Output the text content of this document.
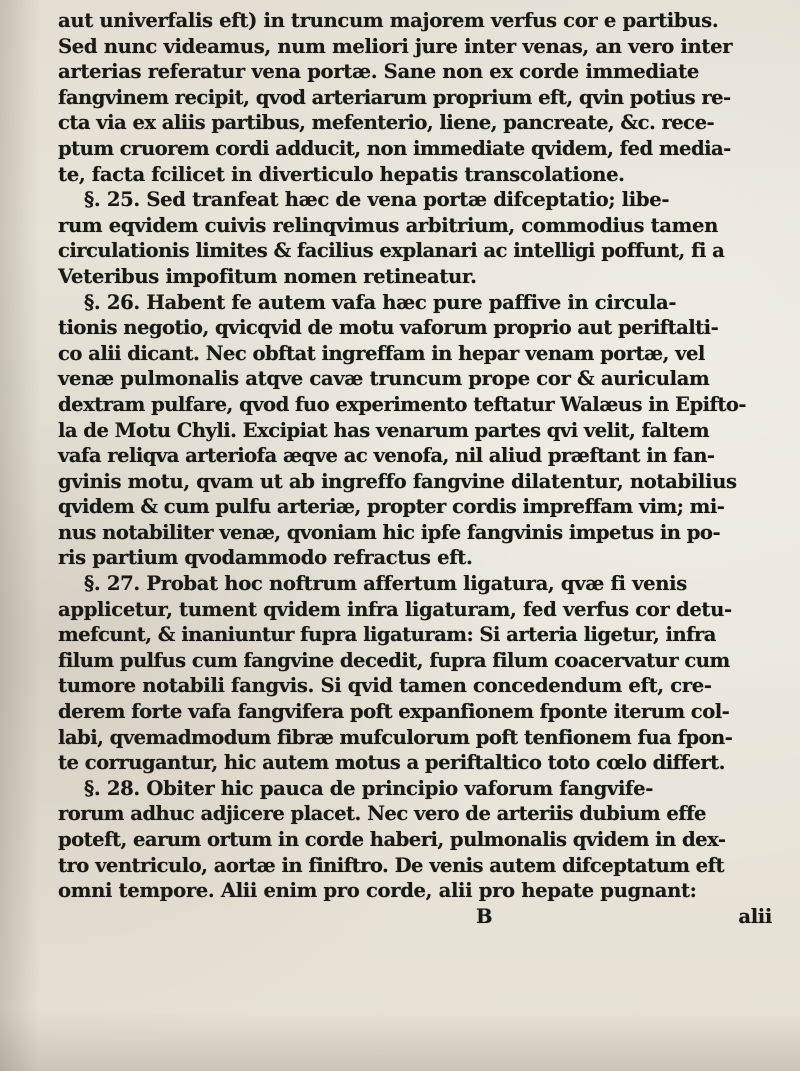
aut univerfalis eft) in truncum majorem verfus cor e partibus.
Sed nunc videamus, num meliori jure inter venas, an vero inter
arterias referatur vena portæ. Sane non ex corde immediate
fangvinem recipit, qvod arteriarum proprium eft, qvin potius re-
cta via ex aliis partibus, mefenterio, liene, pancreate, &c. rece-
ptum cruorem cordi adducit, non immediate qvidem, fed media-
te, facta fcilicet in diverticulo hepatis transcolatione.
§. 25. Sed tranfeat hæc de vena portæ difceptatio; libe-
rum eqvidem cuivis relinqvimus arbitrium, commodius tamen
circulationis limites & facilius explanari ac intelligi poffunt, fi a
Veteribus impofitum nomen retineatur.
§. 26. Habent fe autem vafa hæc pure paffive in circula-
tionis negotio, qvicqvid de motu vaforum proprio aut periftalti-
co alii dicant. Nec obftat ingreffam in hepar venam portæ, vel
venæ pulmonalis atqve cavæ truncum prope cor & auriculam
dextram pulfare, qvod fuo experimento teftatur Walæus in Epifto-
la de Motu Chyli. Excipiat has venarum partes qvi velit, faltem
vafa reliqva arteriofa æqve ac venofa, nil aliud præftant in fan-
gvinis motu, qvam ut ab ingreffo fangvine dilatentur, notabilius
qvidem & cum pulfu arteriæ, propter cordis impreffam vim; mi-
nus notabiliter venæ, qvoniam hic ipfe fangvinis impetus in po-
ris partium qvodammodo refractus eft.
§. 27. Probat hoc noftrum affertum ligatura, qvæ fi venis
applicetur, tument qvidem infra ligaturam, fed verfus cor detu-
mefcunt, & inaniuntur fupra ligaturam: Si arteria ligetur, infra
filum pulfus cum fangvine decedit, fupra filum coacervatur cum
tumore notabili fangvis. Si qvid tamen concedendum eft, cre-
derem forte vafa fangvifera poft expanfionem fponte iterum col-
labi, qvemadmodum fibræ mufculorum poft tenfionem fua fpon-
te corrugantur, hic autem motus a periftaltico toto cœlo differt.
§. 28. Obiter hic pauca de principio vaforum fangvife-
rorum adhuc adjicere placet. Nec vero de arteriis dubium effe
poteft, earum ortum in corde haberi, pulmonalis qvidem in dex-
tro ventriculo, aortæ in finiftro. De venis autem difceptatum eft
omni tempore. Alii enim pro corde, alii pro hepate pugnant:
B	alii
